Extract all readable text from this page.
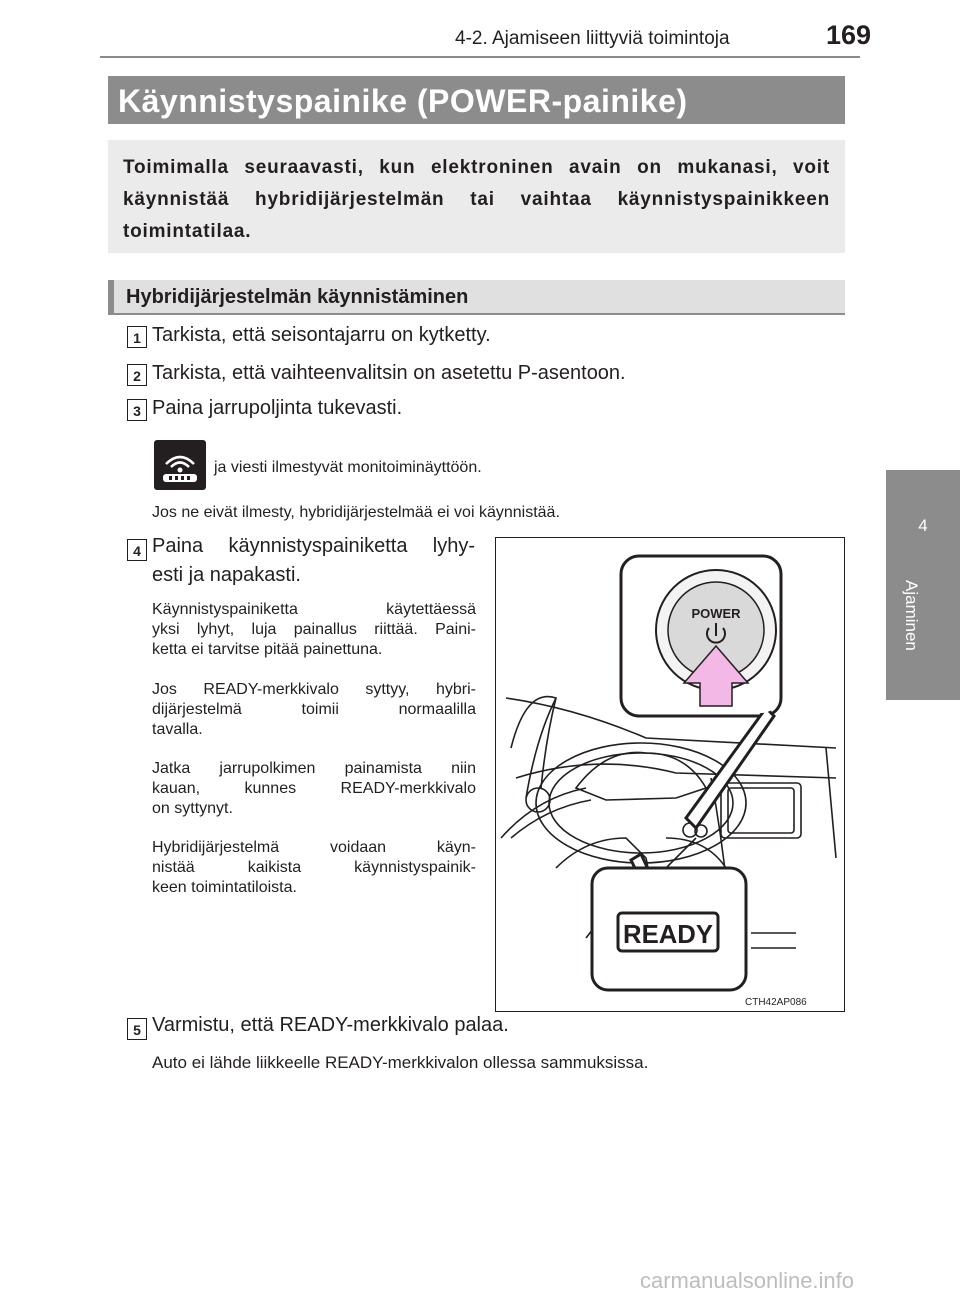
4-2. Ajamiseen liittyviä toimintoja	169
Käynnistyspainike (POWER-painike)
Toimimalla seuraavasti, kun elektroninen avain on mukanasi, voit käynnistää hybridijärjestelmän tai vaihtaa käynnistyspainikkeen toimintatilaa.
Hybridijärjestelmän käynnistäminen
1 Tarkista, että seisontajarru on kytketty.
2 Tarkista, että vaihteenvalitsin on asetettu P-asentoon.
3 Paina jarrupoljinta tukevasti.
ja viesti ilmestyvät monitoiminäyttöön.
Jos ne eivät ilmesty, hybridijärjestelmää ei voi käynnistää.
4 Paina käynnistyspainiketta lyhy-
esti ja napakasti.
Käynnistyspainiketta käytettäessä
yksi lyhyt, luja painallus riittää. Paini-
ketta ei tarvitse pitää painettuna.
Jos READY-merkkivalo syttyy, hybri-
dijärjestelmä toimii normaalilla
tavalla.
Jatka jarrupolkimen painamista niin
kauan, kunnes READY-merkkivalo
on syttynyt.
Hybridijärjestelmä voidaan käyn-
nistää kaikista käynnistyspainik-
keen toimintatiloista.
POWER
READY
CTH42AP086
5 Varmistu, että READY-merkkivalo palaa.
Auto ei lähde liikkeelle READY-merkkivalon ollessa sammuksissa.
4
Ajaminen
carmanualsonline.info
